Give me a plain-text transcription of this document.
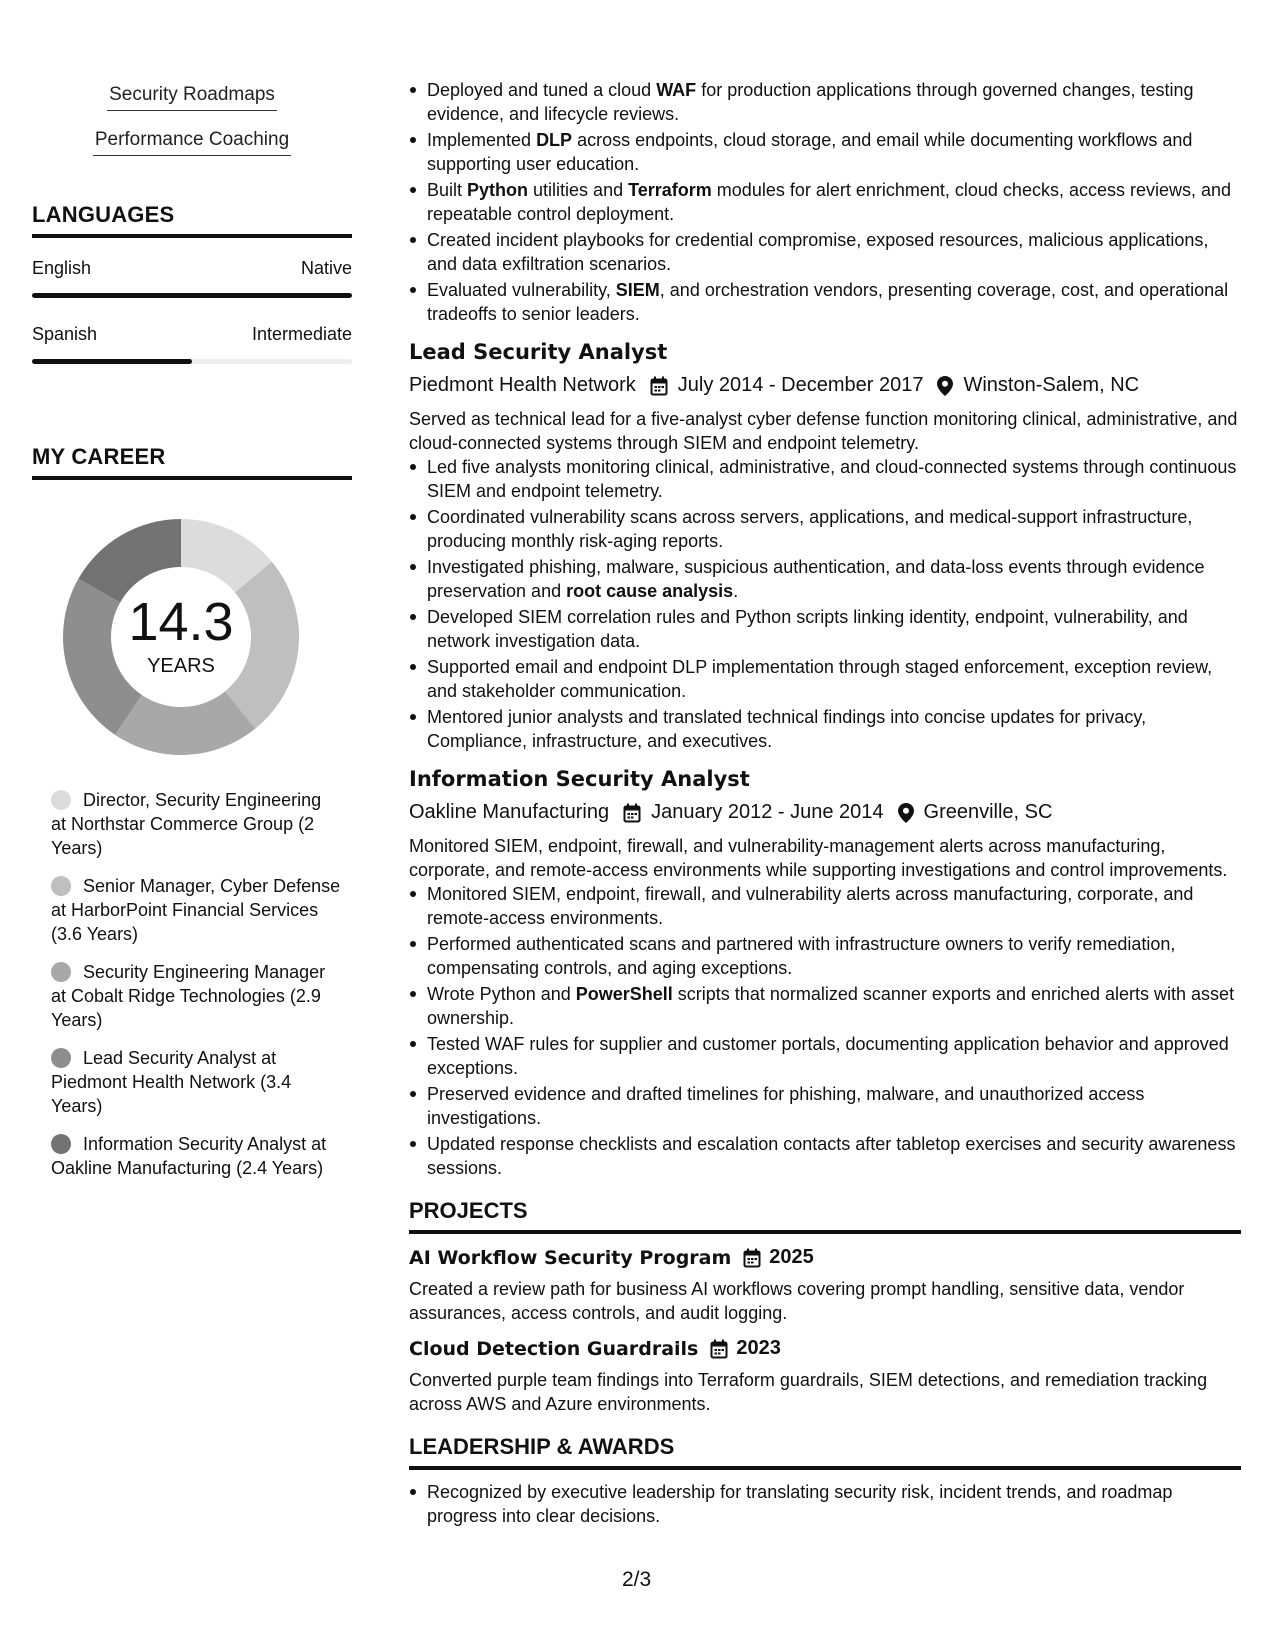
Security Roadmaps
Performance Coaching
LANGUAGES
English	Native
Spanish	Intermediate
MY CAREER
14.3
YEARS
Director, Security Engineering at Northstar Commerce Group (2 Years)
Senior Manager, Cyber Defense at HarborPoint Financial Services (3.6 Years)
Security Engineering Manager at Cobalt Ridge Technologies (2.9 Years)
Lead Security Analyst at Piedmont Health Network (3.4 Years)
Information Security Analyst at Oakline Manufacturing (2.4 Years)
Deployed and tuned a cloud WAF for production applications through governed changes, testing evidence, and lifecycle reviews.
Implemented DLP across endpoints, cloud storage, and email while documenting workflows and supporting user education.
Built Python utilities and Terraform modules for alert enrichment, cloud checks, access reviews, and repeatable control deployment.
Created incident playbooks for credential compromise, exposed resources, malicious applications, and data exfiltration scenarios.
Evaluated vulnerability, SIEM, and orchestration vendors, presenting coverage, cost, and operational tradeoffs to senior leaders.
Lead Security Analyst
Piedmont Health Network July 2014 - December 2017 Winston-Salem, NC
Served as technical lead for a five-analyst cyber defense function monitoring clinical, administrative, and cloud-connected systems through SIEM and endpoint telemetry.
Led five analysts monitoring clinical, administrative, and cloud-connected systems through continuous SIEM and endpoint telemetry.
Coordinated vulnerability scans across servers, applications, and medical-support infrastructure, producing monthly risk-aging reports.
Investigated phishing, malware, suspicious authentication, and data-loss events through evidence preservation and root cause analysis.
Developed SIEM correlation rules and Python scripts linking identity, endpoint, vulnerability, and network investigation data.
Supported email and endpoint DLP implementation through staged enforcement, exception review, and stakeholder communication.
Mentored junior analysts and translated technical findings into concise updates for privacy, Compliance, infrastructure, and executives.
Information Security Analyst
Oakline Manufacturing January 2012 - June 2014 Greenville, SC
Monitored SIEM, endpoint, firewall, and vulnerability-management alerts across manufacturing, corporate, and remote-access environments while supporting investigations and control improvements.
Monitored SIEM, endpoint, firewall, and vulnerability alerts across manufacturing, corporate, and remote-access environments.
Performed authenticated scans and partnered with infrastructure owners to verify remediation, compensating controls, and aging exceptions.
Wrote Python and PowerShell scripts that normalized scanner exports and enriched alerts with asset ownership.
Tested WAF rules for supplier and customer portals, documenting application behavior and approved exceptions.
Preserved evidence and drafted timelines for phishing, malware, and unauthorized access investigations.
Updated response checklists and escalation contacts after tabletop exercises and security awareness sessions.
PROJECTS
AI Workflow Security Program 2025
Created a review path for business AI workflows covering prompt handling, sensitive data, vendor assurances, access controls, and audit logging.
Cloud Detection Guardrails 2023
Converted purple team findings into Terraform guardrails, SIEM detections, and remediation tracking across AWS and Azure environments.
LEADERSHIP & AWARDS
Recognized by executive leadership for translating security risk, incident trends, and roadmap progress into clear decisions.
2/3
